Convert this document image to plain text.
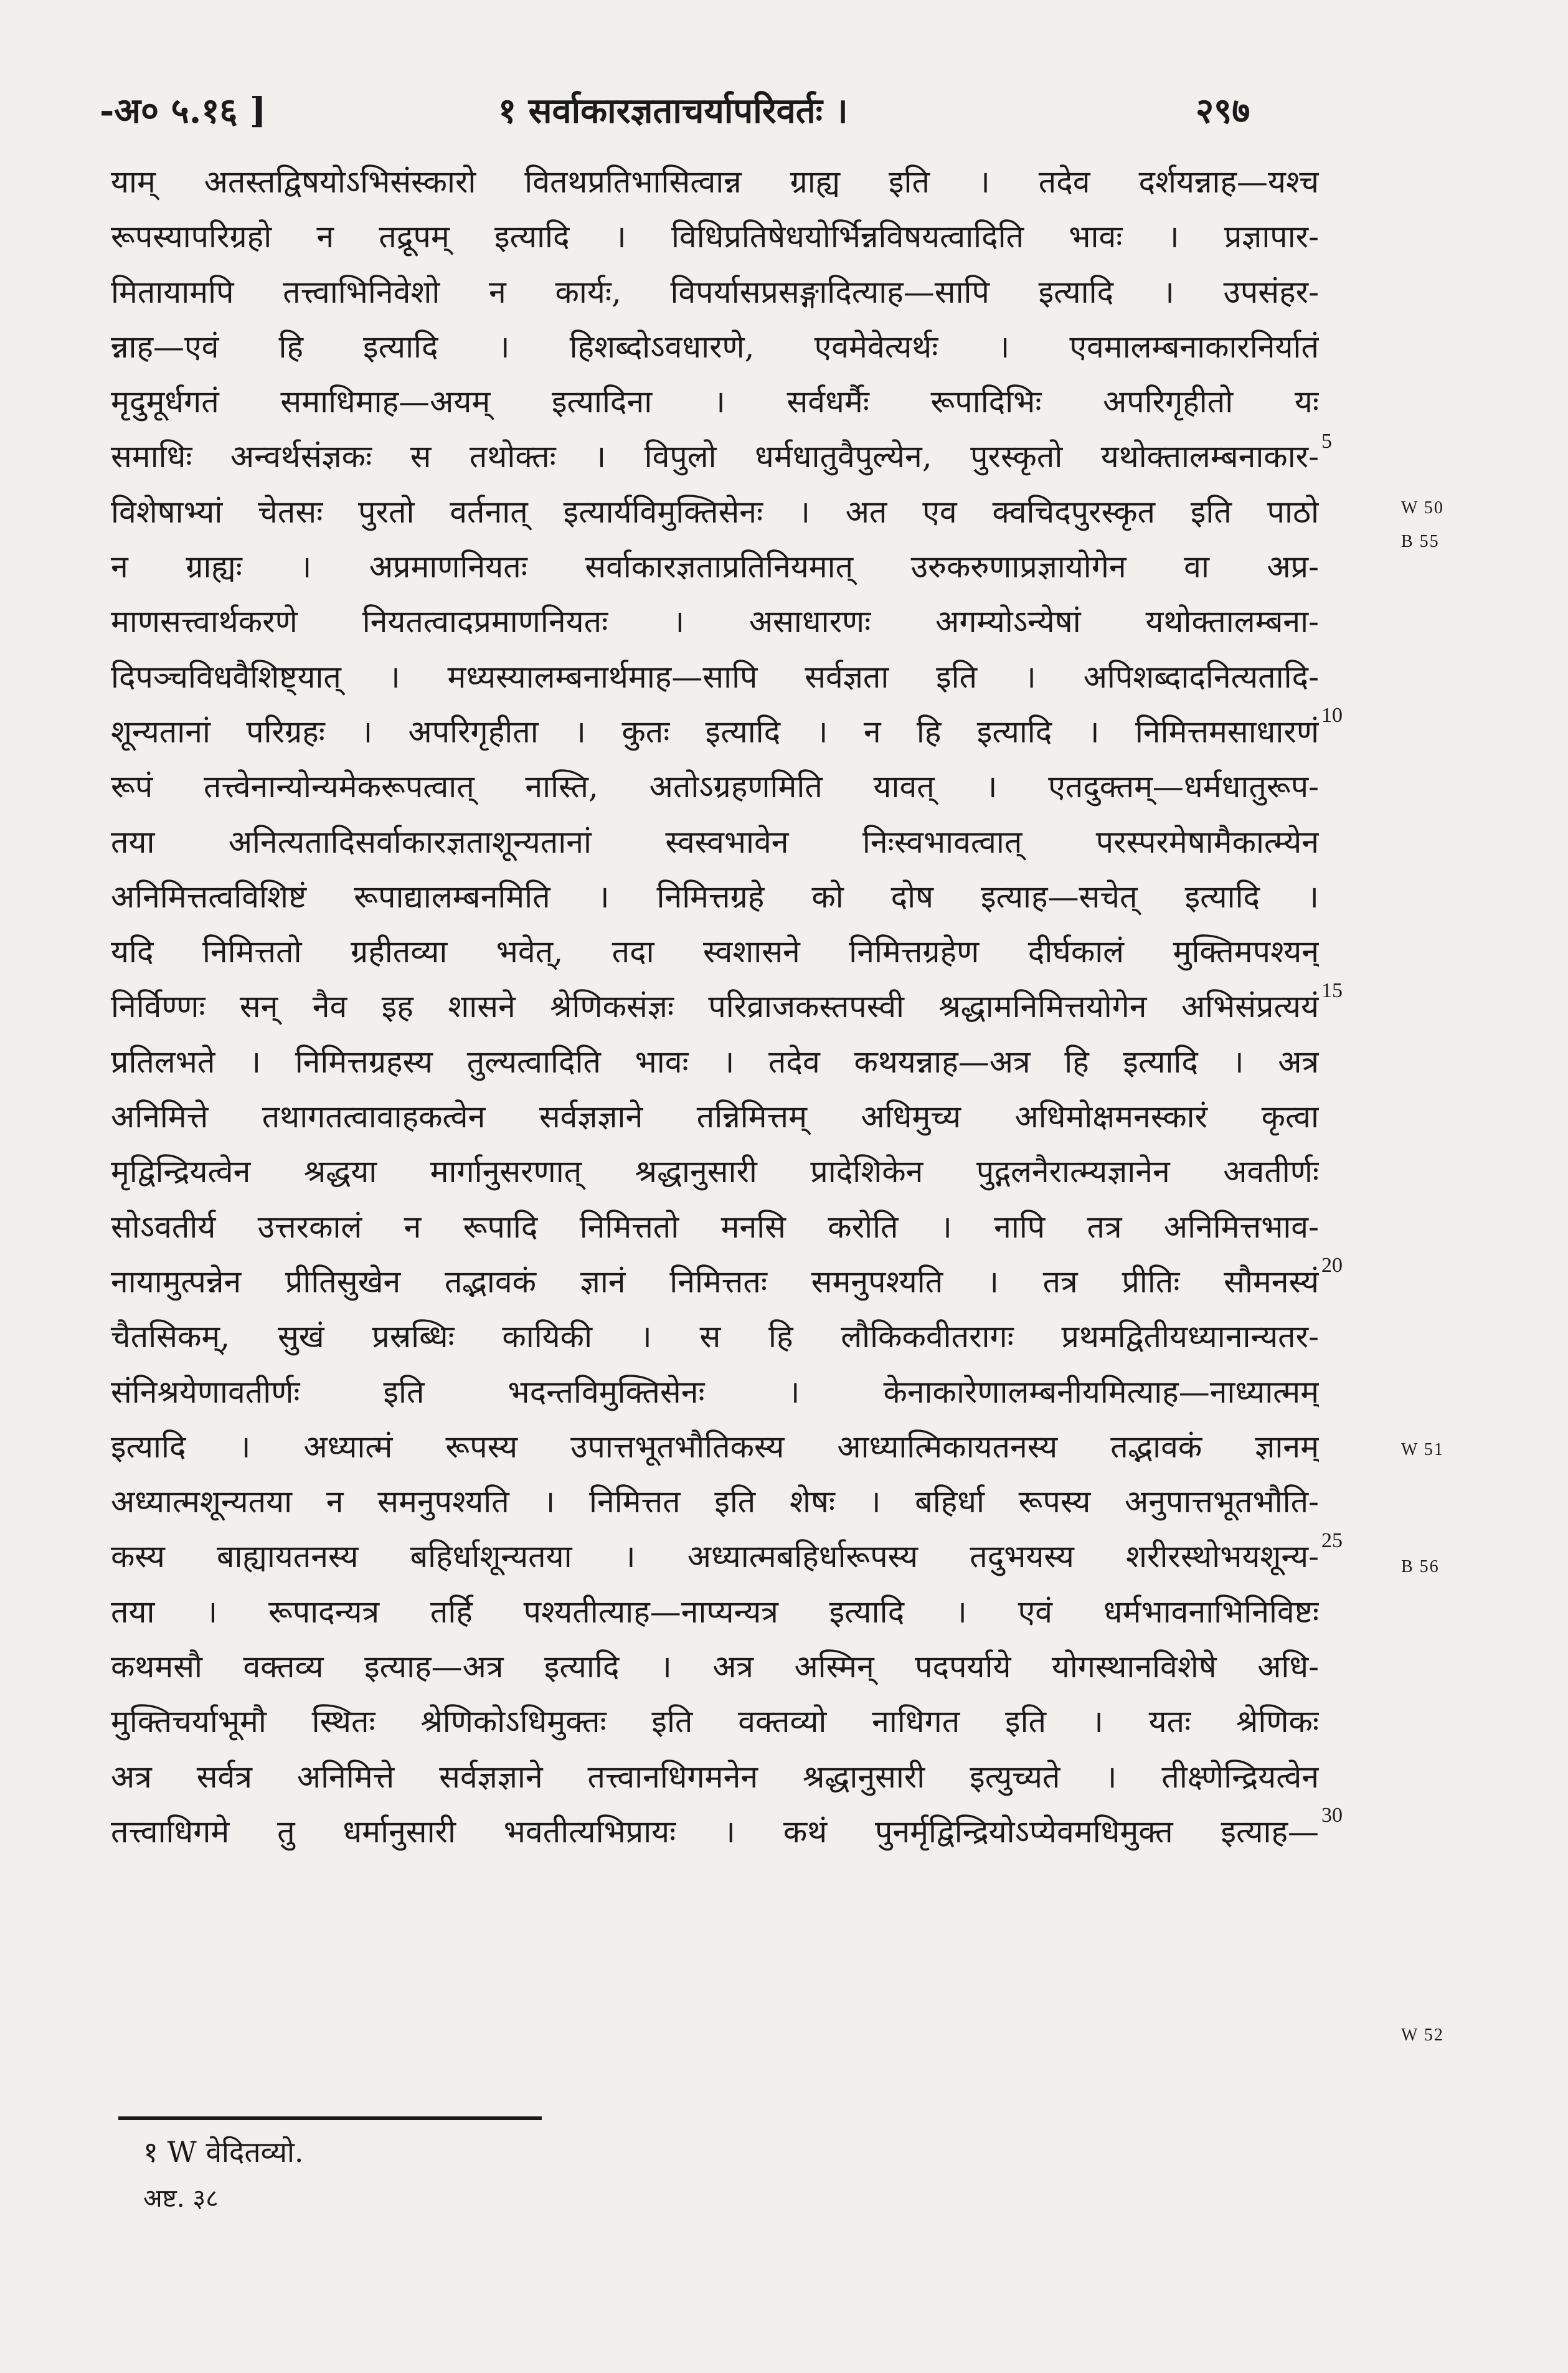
-अ० ५.१६ ]	१ सर्वाकारज्ञताचर्यापरिवर्तः ।	२९७
याम् अतस्तद्विषयोऽभिसंस्कारो वितथप्रतिभासित्वान्न ग्राह्य इति । तदेव दर्शयन्नाह—यश्च
रूपस्यापरिग्रहो न तद्रूपम् इत्यादि । विधिप्रतिषेधयोर्भिन्नविषयत्वादिति भावः । प्रज्ञापार-
मितायामपि तत्त्वाभिनिवेशो न कार्यः, विपर्यासप्रसङ्गादित्याह—सापि इत्यादि । उपसंहर-
न्नाह—एवं हि इत्यादि । हिशब्दोऽवधारणे, एवमेवेत्यर्थः । एवमालम्बनाकारनिर्यातं
मृदुमूर्धगतं समाधिमाह—अयम् इत्यादिना । सर्वधर्मैः रूपादिभिः अपरिगृहीतो यः
समाधिः अन्वर्थसंज्ञकः स तथोक्तः । विपुलो धर्मधातुवैपुल्येन, पुरस्कृतो यथोक्तालम्बनाकार-
विशेषाभ्यां चेतसः पुरतो वर्तनात् इत्यार्यविमुक्तिसेनः । अत एव क्वचिदपुरस्कृत इति पाठो
न ग्राह्यः । अप्रमाणनियतः सर्वाकारज्ञताप्रतिनियमात् उरुकरुणाप्रज्ञायोगेन वा अप्र-
माणसत्त्वार्थकरणे नियतत्वादप्रमाणनियतः । असाधारणः अगम्योऽन्येषां यथोक्तालम्बना-
दिपञ्चविधवैशिष्ट्यात् । मध्यस्यालम्बनार्थमाह—सापि सर्वज्ञता इति । अपिशब्दादनित्यतादि-
शून्यतानां परिग्रहः । अपरिगृहीता । कुतः इत्यादि । न हि इत्यादि । निमित्तमसाधारणं
रूपं तत्त्वेनान्योन्यमेकरूपत्वात् नास्ति, अतोऽग्रहणमिति यावत् । एतदुक्तम्—धर्मधातुरूप-
तया अनित्यतादिसर्वाकारज्ञताशून्यतानां स्वस्वभावेन निःस्वभावत्वात् परस्परमेषामैकात्म्येन
अनिमित्तत्वविशिष्टं रूपाद्यालम्बनमिति । निमित्तग्रहे को दोष इत्याह—सचेत् इत्यादि ।
यदि निमित्ततो ग्रहीतव्या भवेत्, तदा स्वशासने निमित्तग्रहेण दीर्घकालं मुक्तिमपश्यन्
निर्विण्णः सन् नैव इह शासने श्रेणिकसंज्ञः परिव्राजकस्तपस्वी श्रद्धामनिमित्तयोगेन अभिसंप्रत्ययं
प्रतिलभते । निमित्तग्रहस्य तुल्यत्वादिति भावः । तदेव कथयन्नाह—अत्र हि इत्यादि । अत्र
अनिमित्ते तथागतत्वावाहकत्वेन सर्वज्ञज्ञाने तन्निमित्तम् अधिमुच्य अधिमोक्षमनस्कारं कृत्वा
मृद्विन्द्रियत्वेन श्रद्धया मार्गानुसरणात् श्रद्धानुसारी प्रादेशिकेन पुद्गलनैरात्म्यज्ञानेन अवतीर्णः
सोऽवतीर्य उत्तरकालं न रूपादि निमित्ततो मनसि करोति । नापि तत्र अनिमित्तभाव-
नायामुत्पन्नेन प्रीतिसुखेन तद्भावकं ज्ञानं निमित्ततः समनुपश्यति । तत्र प्रीतिः सौमनस्यं
चैतसिकम्, सुखं प्रस्रब्धिः कायिकी । स हि लौकिकवीतरागः प्रथमद्वितीयध्यानान्यतर-
संनिश्रयेणावतीर्णः इति भदन्तविमुक्तिसेनः । केनाकारेणालम्बनीयमित्याह—नाध्यात्मम्
इत्यादि । अध्यात्मं रूपस्य उपात्तभूतभौतिकस्य आध्यात्मिकायतनस्य तद्भावकं ज्ञानम्
अध्यात्मशून्यतया न समनुपश्यति । निमित्तत इति शेषः । बहिर्धा रूपस्य अनुपात्तभूतभौति-
कस्य बाह्यायतनस्य बहिर्धाशून्यतया । अध्यात्मबहिर्धारूपस्य तदुभयस्य शरीरस्थोभयशून्य-
तया । रूपादन्यत्र तर्हि पश्यतीत्याह—नाप्यन्यत्र इत्यादि । एवं धर्मभावनाभिनिविष्टः
कथमसौ वक्तव्य इत्याह—अत्र इत्यादि । अत्र अस्मिन् पदपर्याये योगस्थानविशेषे अधि-
मुक्तिचर्याभूमौ स्थितः श्रेणिकोऽधिमुक्तः इति वक्तव्यो नाधिगत इति । यतः श्रेणिकः
अत्र सर्वत्र अनिमित्ते सर्वज्ञज्ञाने तत्त्वानधिगमनेन श्रद्धानुसारी इत्युच्यते । तीक्ष्णेन्द्रियत्वेन
तत्त्वाधिगमे तु धर्मानुसारी भवतीत्यभिप्रायः । कथं पुनर्मृद्विन्द्रियोऽप्येवमधिमुक्त इत्याह—
5
10
15
20
25
30
W 50
B 55
W 51
B 56
W 52
१ W वेदितव्यो.
अष्ट. ३८
